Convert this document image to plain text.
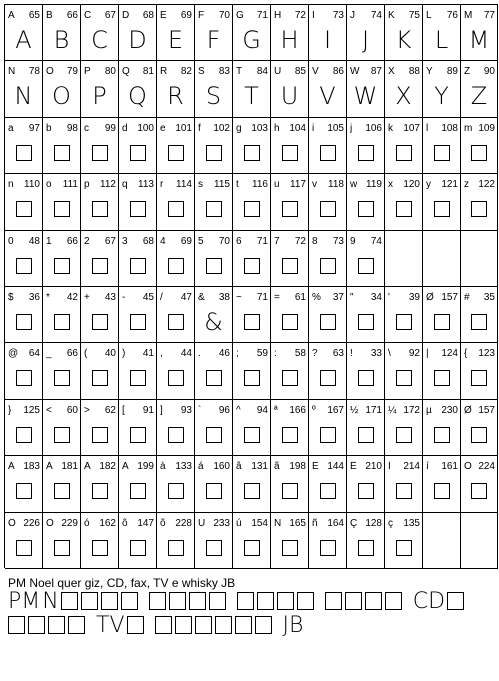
A 65
A
B 66
B
C 67
C
D 68
D
E 69
E
F 70
F
G 71
G
H 72
H
I 73
I
J 74
J
K 75
K
L 76
L
M 77
M
N 78
N
O 79
O
P 80
P
Q 81
Q
R 82
R
S 83
S
T 84
T
U 85
U
V 86
V
W 87
W
X 88
X
Y 89
Y
Z 90
Z
a 97 b 98 c 99 d 100 e 101 f 102 g 103 h 104 i 105 j 106 k 107 l 108 m 109
n 110 o 111 p 112 q 113 r 114 s 115 t 116 u 117 v 118 w 119 x 120 y 121 z 122
0 48 1 66 2 67 3 68 4 69 5 70 6 71 7 72 8 73 9 74
$ 36 * 42 + 43 - 45 / 47 & 38
&
~ 71 = 61 % 37 " 34 ' 39 Ø 157 # 35
@ 64 _ 66 ( 40 ) 41 , 44 . 46 ; 59 : 58 ? 63 ! 33 \ 92 | 124 { 123
} 125 < 60 > 62 [ 91 ] 93 ` 96 ^ 94 ª 166 º 167 ½ 171 ¼ 172 µ 230 Ø 157
À 183 Á 181 Â 182 Ã 199 à 133 á 160 â 131 ã 198 É 144 Ê 210 Í 214 í 161 Ó 224
Ô 226 Õ 229 ó 162 ô 147 õ 228 Ú 233 ú 154 Ñ 165 ñ 164 Ç 128 ç 135
PM Noel quer giz, CD, fax, TV e whisky JB
PMN	CDTV	JB
